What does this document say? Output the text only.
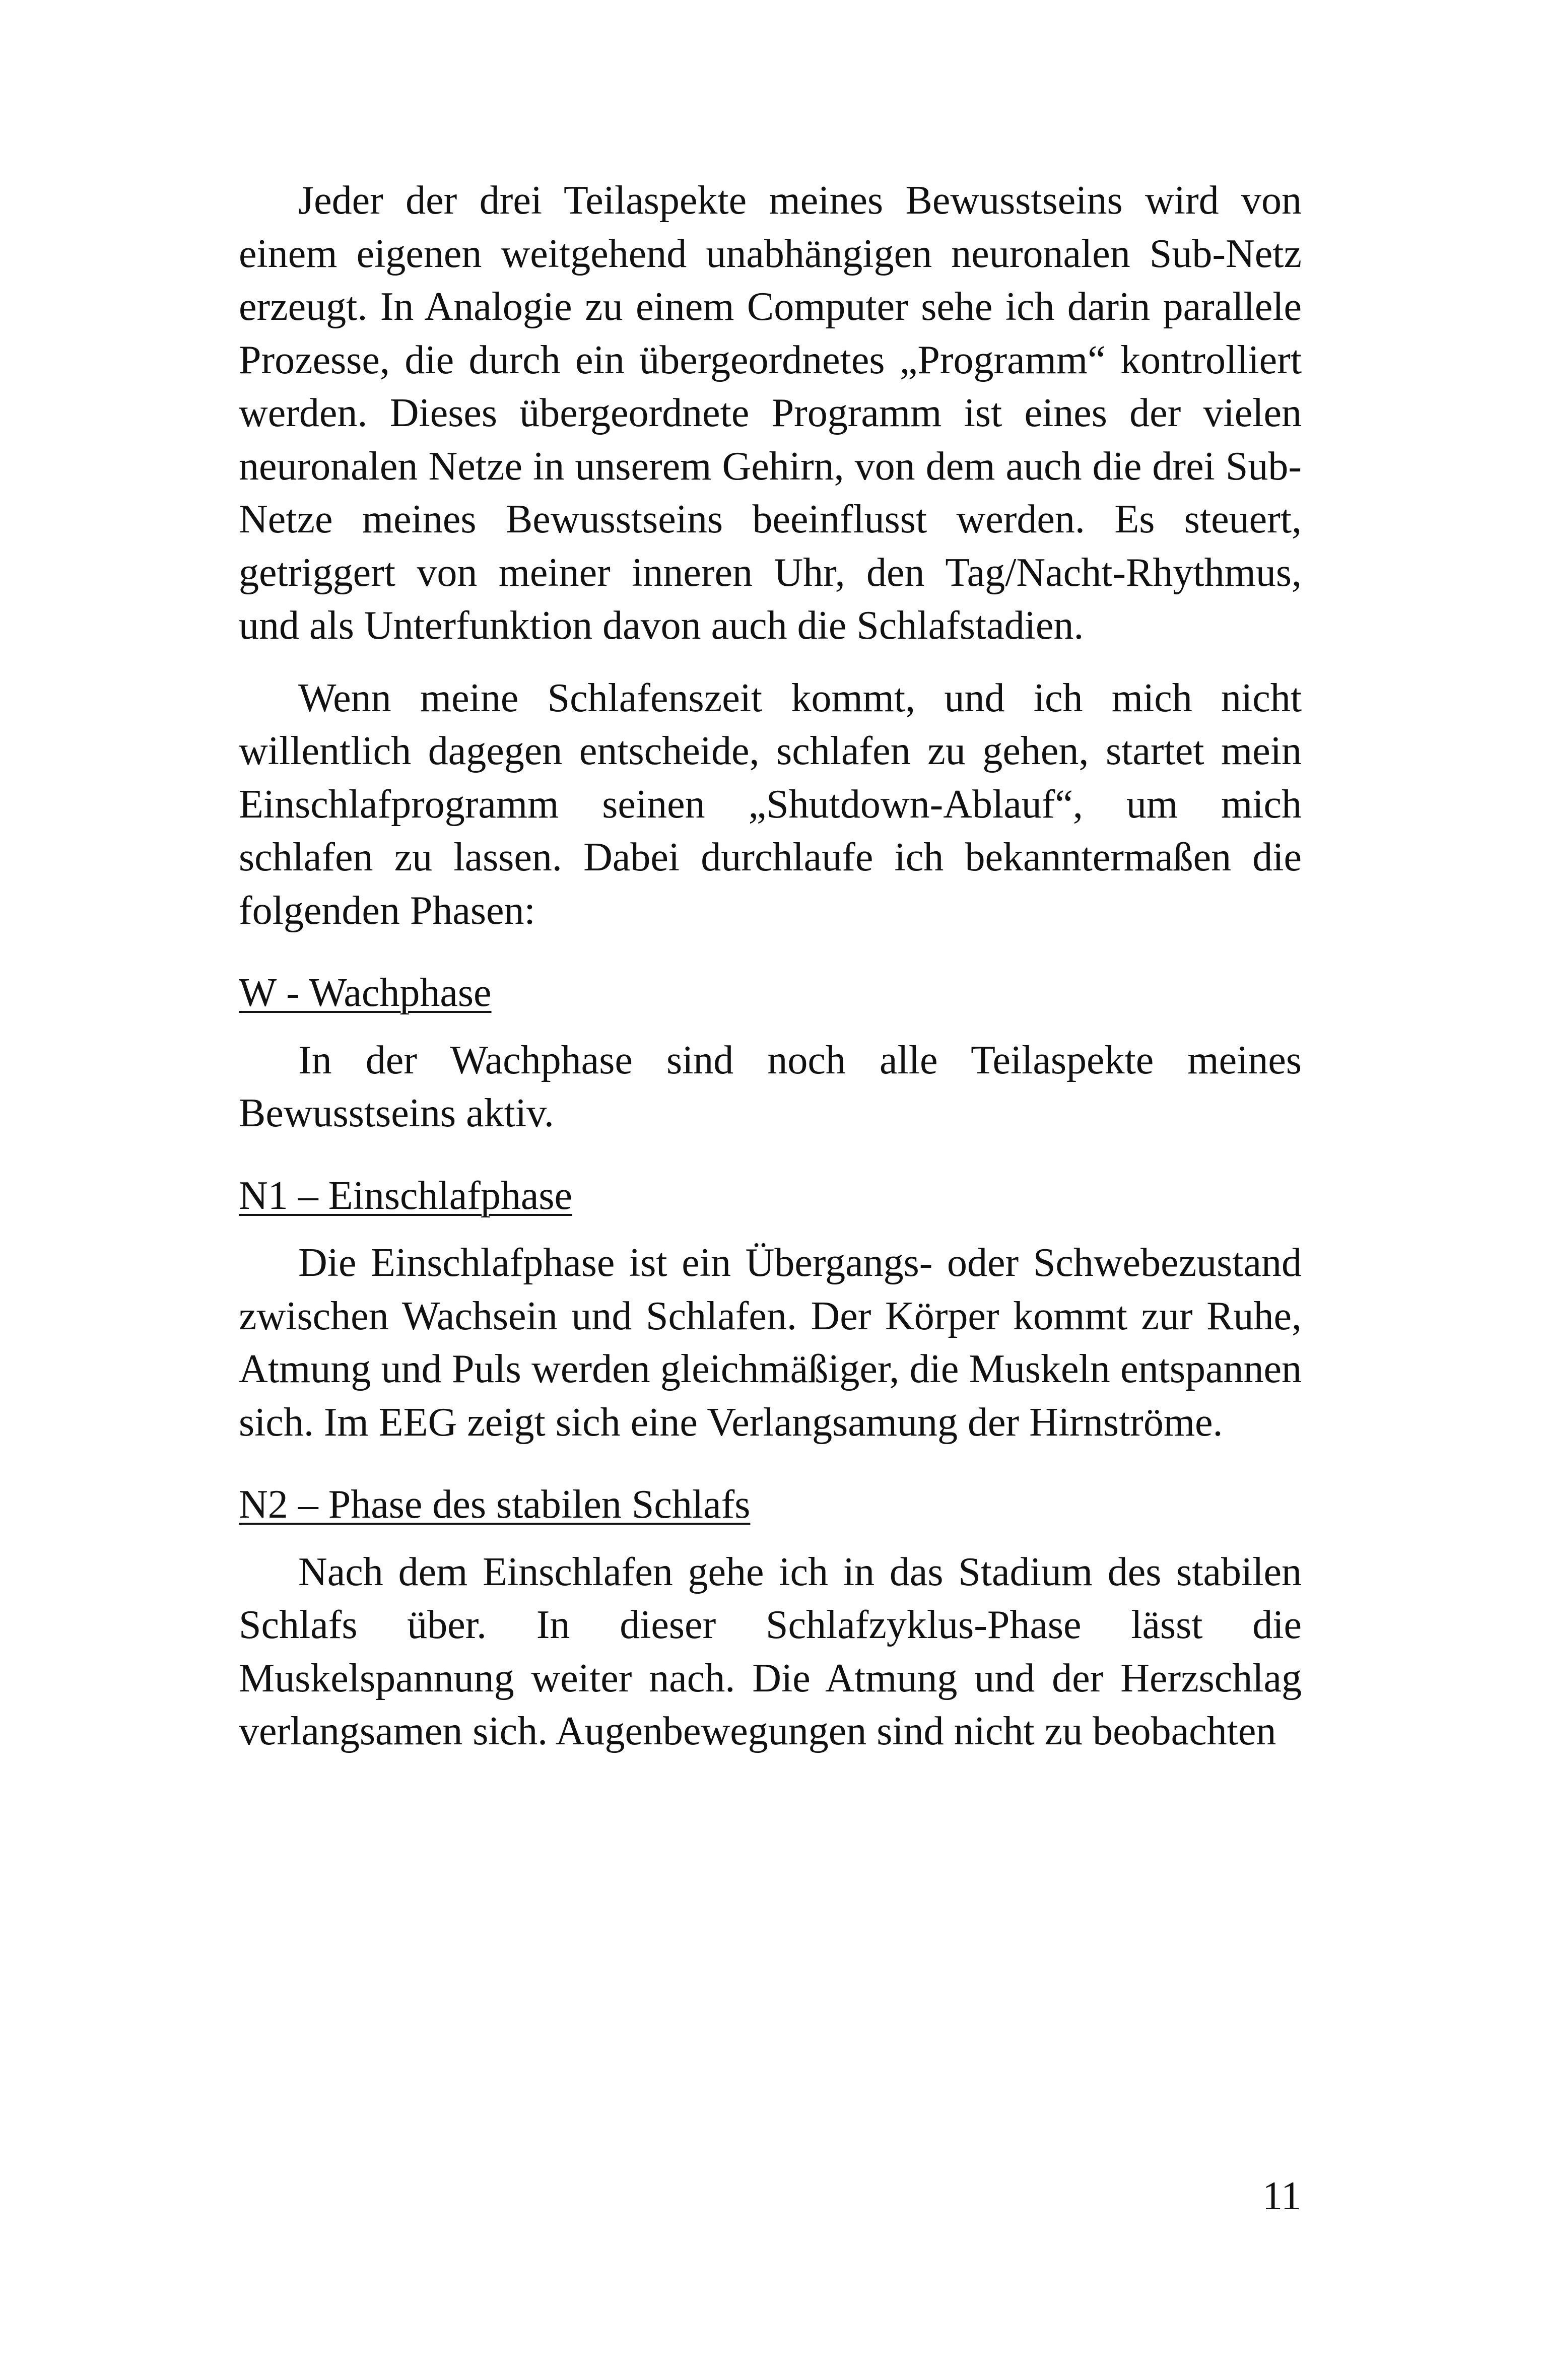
Jeder der drei Teilaspekte meines Bewusstseins wird von einem eigenen weitgehend unabhängigen neuronalen Sub-Netz erzeugt. In Analogie zu einem Computer sehe ich darin parallele Prozesse, die durch ein übergeordnetes „Programm“ kontrolliert werden. Dieses übergeordnete Programm ist eines der vielen neuronalen Netze in unserem Gehirn, von dem auch die drei Sub-Netze meines Bewusstseins beeinflusst werden. Es steuert, getriggert von meiner inneren Uhr, den Tag/Nacht-Rhythmus, und als Unterfunktion davon auch die Schlafstadien.

Wenn meine Schlafenszeit kommt, und ich mich nicht willentlich dagegen entscheide, schlafen zu gehen, startet mein Einschlafprogramm seinen „Shutdown-Ablauf“, um mich schlafen zu lassen. Dabei durchlaufe ich bekanntermaßen die folgenden Phasen:

W - Wachphase

In der Wachphase sind noch alle Teilaspekte meines Bewusstseins aktiv.

N1 – Einschlafphase

Die Einschlafphase ist ein Übergangs- oder Schwebezustand zwischen Wachsein und Schlafen. Der Körper kommt zur Ruhe, Atmung und Puls werden gleichmäßiger, die Muskeln entspannen sich. Im EEG zeigt sich eine Verlangsamung der Hirnströme.

N2 – Phase des stabilen Schlafs

Nach dem Einschlafen gehe ich in das Stadium des stabilen Schlafs über. In dieser Schlafzyklus-Phase lässt die Muskelspannung weiter nach. Die Atmung und der Herzschlag verlangsamen sich. Augenbewegungen sind nicht zu beobachten

11
